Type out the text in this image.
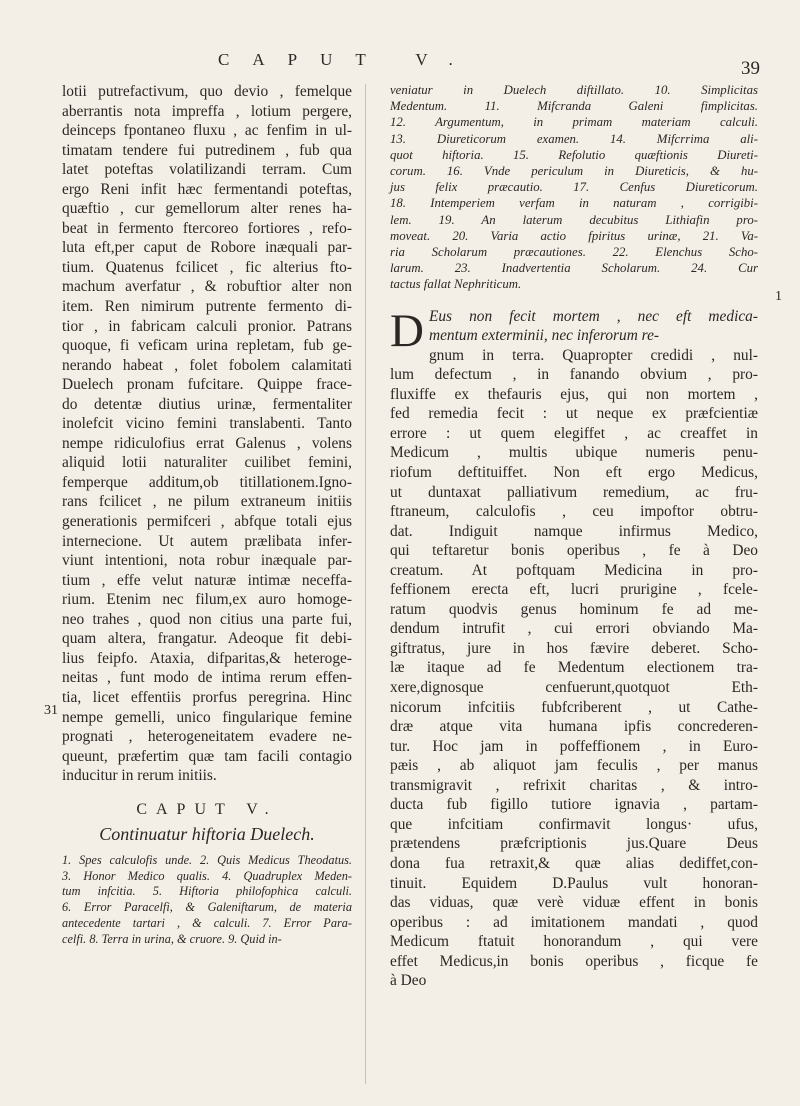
CAPUT V.	39
31
1
lotii putrefactivum, quo devio , femelque
aberrantis nota impreffa , lotium pergere,
deinceps fpontaneo fluxu , ac fenfim in ul-
timatam tendere fui putredinem , fub qua
latet poteftas volatilizandi terram. Cum
ergo Reni infit hæc fermentandi poteftas,
quæftio , cur gemellorum alter renes ha-
beat in fermento ftercoreo fortiores , refo-
luta eft,per caput de Robore inæquali par-
tium. Quatenus fcilicet , fic alterius fto-
machum averfatur , & robuftior alter non
item. Ren nimirum putrente fermento di-
tior , in fabricam calculi pronior. Patrans
quoque, fi veficam urina repletam, fub ge-
nerando habeat , folet fobolem calamitati
Duelech pronam fufcitare. Quippe frace-
do detentæ diutius urinæ, fermentaliter
inolefcit vicino femini translabenti. Tanto
nempe ridiculofius errat Galenus , volens
aliquid lotii naturaliter cuilibet femini,
femperque additum,ob titillationem.Igno-
rans fcilicet , ne pilum extraneum initiis
generationis permifceri , abfque totali ejus
internecione. Ut autem prælibata infer-
viunt intentioni, nota robur inæquale par-
tium , effe velut naturæ intimæ neceffa-
rium. Etenim nec filum,ex auro homoge-
neo trahes , quod non citius una parte fui,
quam altera, frangatur. Adeoque fit debi-
lius feipfo. Ataxia, difparitas,& heteroge-
neitas , funt modo de intima rerum effen-
tia, licet effentiis prorfus peregrina. Hinc
nempe gemelli, unico fingularique femine
prognati , heterogeneitatem evadere ne-
queunt, præfertim quæ tam facili contagio
inducitur in rerum initiis.
CAPUT V.
Continuatur hiftoria Duelech.
1. Spes calculofis unde. 2. Quis Medicus Theodatus.
3. Honor Medico qualis. 4. Quadruplex Meden-
tum infcitia. 5. Hiftoria philofophica calculi.
6. Error Paracelfi, & Galeniftarum, de materia
antecedente tartari , & calculi. 7. Error Para-
celfi. 8. Terra in urina, & cruore. 9. Quid in-
veniatur in Duelech diftillato. 10. Simplicitas
Medentum. 11. Mifcranda Galeni fimplicitas.
12. Argumentum, in primam materiam calculi.
13. Diureticorum examen. 14. Mifcrrima ali-
quot hiftoria. 15. Refolutio quæftionis Diureti-
corum. 16. Vnde periculum in Diureticis, & hu-
jus felix præcautio. 17. Cenfus Diureticorum.
18. Intemperiem verfam in naturam , corrigibi-
lem. 19. An laterum decubitus Lithiafin pro-
moveat. 20. Varia actio fpiritus urinæ, 21. Va-
ria Scholarum præcautiones. 22. Elenchus Scho-
larum. 23. Inadvertentia Scholarum. 24. Cur
tactus fallat Nephriticum.
D Eus non fecit mortem , nec eft medica-
mentum exterminii, nec inferorum re-
gnum in terra. Quapropter credidi , nul-
lum defectum , in fanando obvium , pro-
fluxiffe ex thefauris ejus, qui non mortem ,
fed remedia fecit : ut neque ex præfcientiæ
errore : ut quem elegiffet , ac creaffet in
Medicum , multis ubique numeris penu-
riofum deftituiffet. Non eft ergo Medicus,
ut duntaxat palliativum remedium, ac fru-
ftraneum, calculofis , ceu impoftor obtru-
dat. Indiguit namque infirmus Medico,
qui teftaretur bonis operibus , fe à Deo
creatum. At poftquam Medicina in pro-
feffionem erecta eft, lucri prurigine , fcele-
ratum quodvis genus hominum fe ad me-
dendum intrufit , cui errori obviando Ma-
giftratus, jure in hos fævire deberet. Scho-
læ itaque ad fe Medentum electionem tra-
xere,dignosque cenfuerunt,quotquot Eth-
nicorum infcitiis fubfcriberent , ut Cathe-
dræ atque vita humana ipfis concrederen-
tur. Hoc jam in poffeffionem , in Euro-
pæis , ab aliquot jam feculis , per manus
transmigravit , refrixit charitas , & intro-
ducta fub figillo tutiore ignavia , partam-
que infcitiam confirmavit longus· ufus,
prætendens præfcriptionis jus.Quare Deus
dona fua retraxit,& quæ alias dediffet,con-
tinuit. Equidem D.Paulus vult honoran-
das viduas, quæ verè viduæ effent in bonis
operibus : ad imitationem mandati , quod
Medicum ftatuit honorandum , qui vere
effet Medicus,in bonis operibus , ficque fe
à Deo
